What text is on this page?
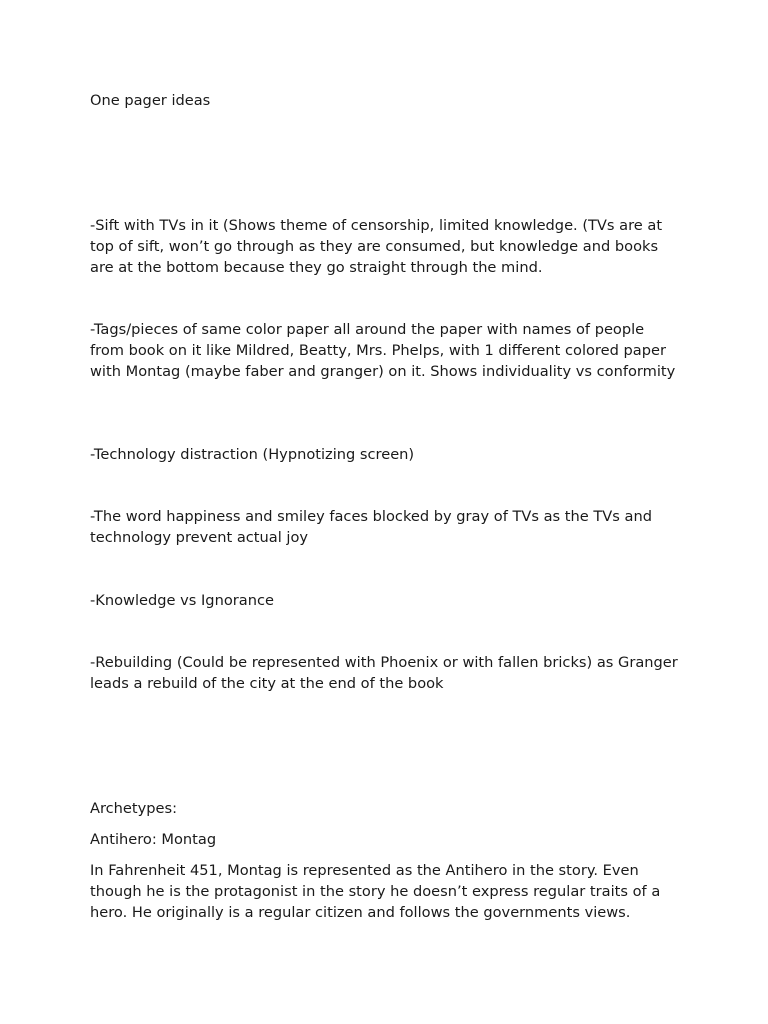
One pager ideas

-Sift with TVs in it (Shows theme of censorship, limited knowledge. (TVs are at top of sift, won’t go through as they are consumed, but knowledge and books are at the bottom because they go straight through the mind.

-Tags/pieces of same color paper all around the paper with names of people from book on it like Mildred, Beatty, Mrs. Phelps, with 1 different colored paper with Montag (maybe faber and granger) on it. Shows individuality vs conformity

-Technology distraction (Hypnotizing screen)

-The word happiness and smiley faces blocked by gray of TVs as the TVs and technology prevent actual joy

-Knowledge vs Ignorance

-Rebuilding (Could be represented with Phoenix or with fallen bricks) as Granger leads a rebuild of the city at the end of the book

Archetypes:

Antihero: Montag

In Fahrenheit 451, Montag is represented as the Antihero in the story. Even though he is the protagonist in the story he doesn’t express regular traits of a hero. He originally is a regular citizen and follows the governments views.
